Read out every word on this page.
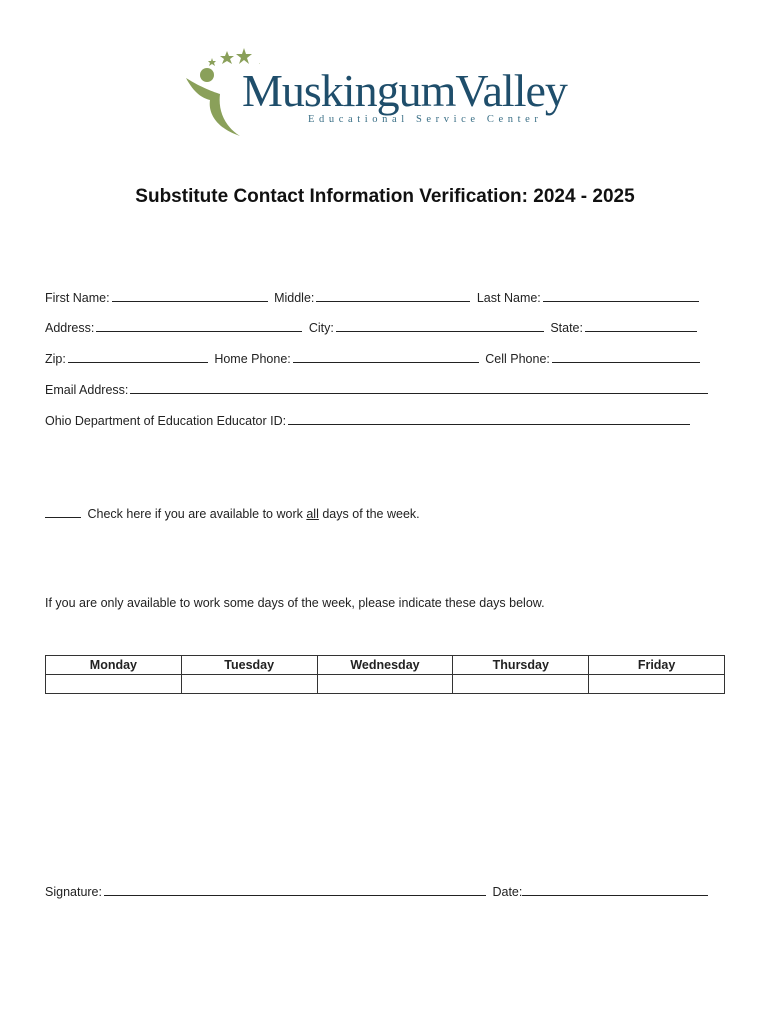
MuskingumValley
Educational Service Center
Substitute Contact Information Verification: 2024 - 2025
First Name:	Middle:	Last Name:
Address:	City:	State:
Zip:	Home Phone:	Cell Phone:
Email Address:
Ohio Department of Education Educator ID:
Check here if you are available to work all days of the week.
If you are only available to work some days of the week, please indicate these days below.
Monday	Tuesday	Wednesday	Thursday	Friday

Signature:	Date:
